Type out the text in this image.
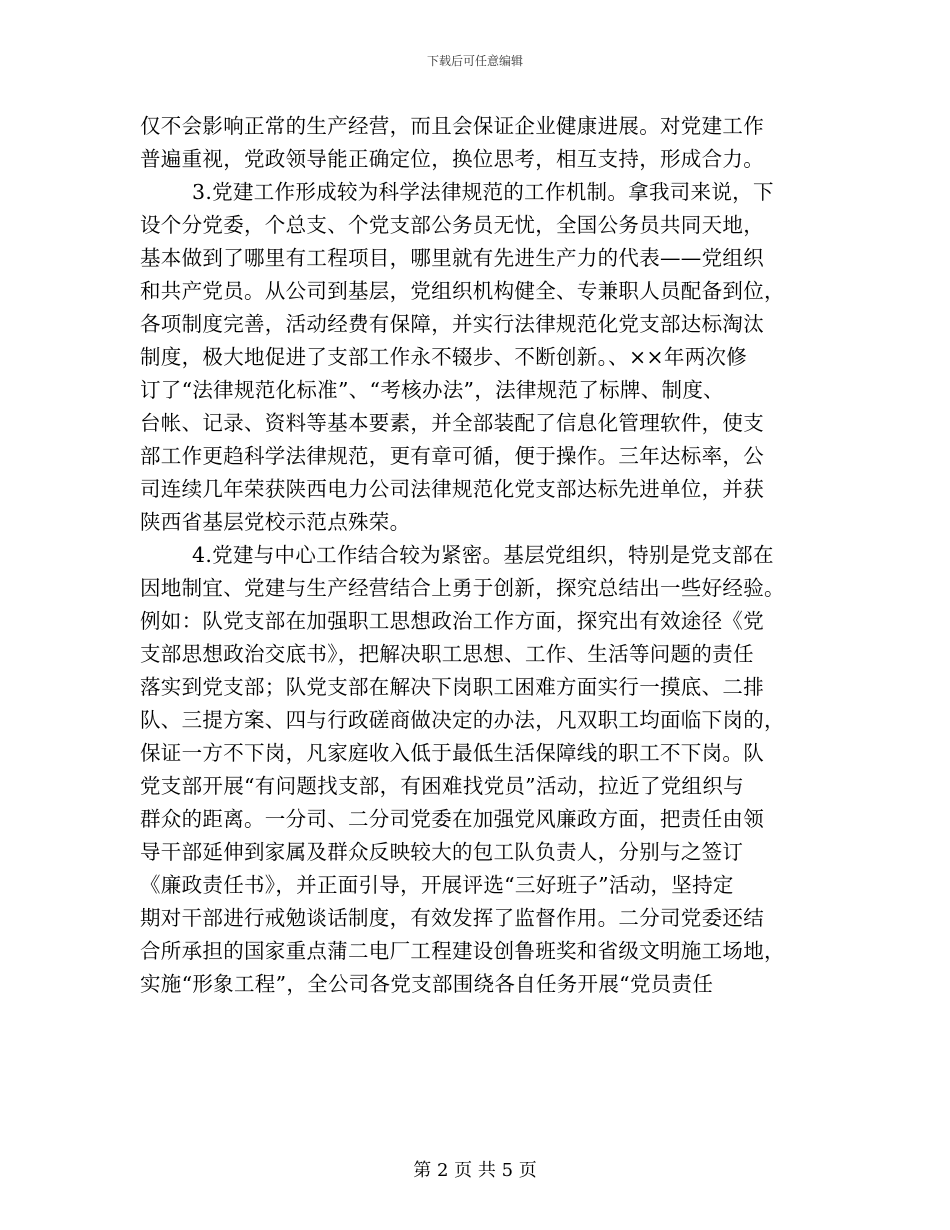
下载后可任意编辑
仅不会影响正常的生产经营，而且会保证企业健康进展。对党建工作
普遍重视，党政领导能正确定位，换位思考，相互支持，形成合力。
3.党建工作形成较为科学法律规范的工作机制。拿我司来说，下
设个分党委，个总支、个党支部公务员无忧，全国公务员共同天地，
基本做到了哪里有工程项目，哪里就有先进生产力的代表——党组织
和共产党员。从公司到基层，党组织机构健全、专兼职人员配备到位，
各项制度完善，活动经费有保障，并实行法律规范化党支部达标淘汰
制度，极大地促进了支部工作永不辍步、不断创新。、××年两次修
订了“法律规范化标准”、“考核办法”，法律规范了标牌、制度、
台帐、记录、资料等基本要素，并全部装配了信息化管理软件，使支
部工作更趋科学法律规范，更有章可循，便于操作。三年达标率，公
司连续几年荣获陕西电力公司法律规范化党支部达标先进单位，并获
陕西省基层党校示范点殊荣。
4.党建与中心工作结合较为紧密。基层党组织，特别是党支部在
因地制宜、党建与生产经营结合上勇于创新，探究总结出一些好经验。
例如：队党支部在加强职工思想政治工作方面，探究出有效途径《党
支部思想政治交底书》，把解决职工思想、工作、生活等问题的责任
落实到党支部；队党支部在解决下岗职工困难方面实行一摸底、二排
队、三提方案、四与行政磋商做决定的办法，凡双职工均面临下岗的，
保证一方不下岗，凡家庭收入低于最低生活保障线的职工不下岗。队
党支部开展“有问题找支部，有困难找党员”活动，拉近了党组织与
群众的距离。一分司、二分司党委在加强党风廉政方面，把责任由领
导干部延伸到家属及群众反映较大的包工队负责人，分别与之签订
《廉政责任书》，并正面引导，开展评选“三好班子”活动，坚持定
期对干部进行戒勉谈话制度，有效发挥了监督作用。二分司党委还结
合所承担的国家重点蒲二电厂工程建设创鲁班奖和省级文明施工场地，
实施“形象工程”，全公司各党支部围绕各自任务开展“党员责任
第 2 页 共 5 页
